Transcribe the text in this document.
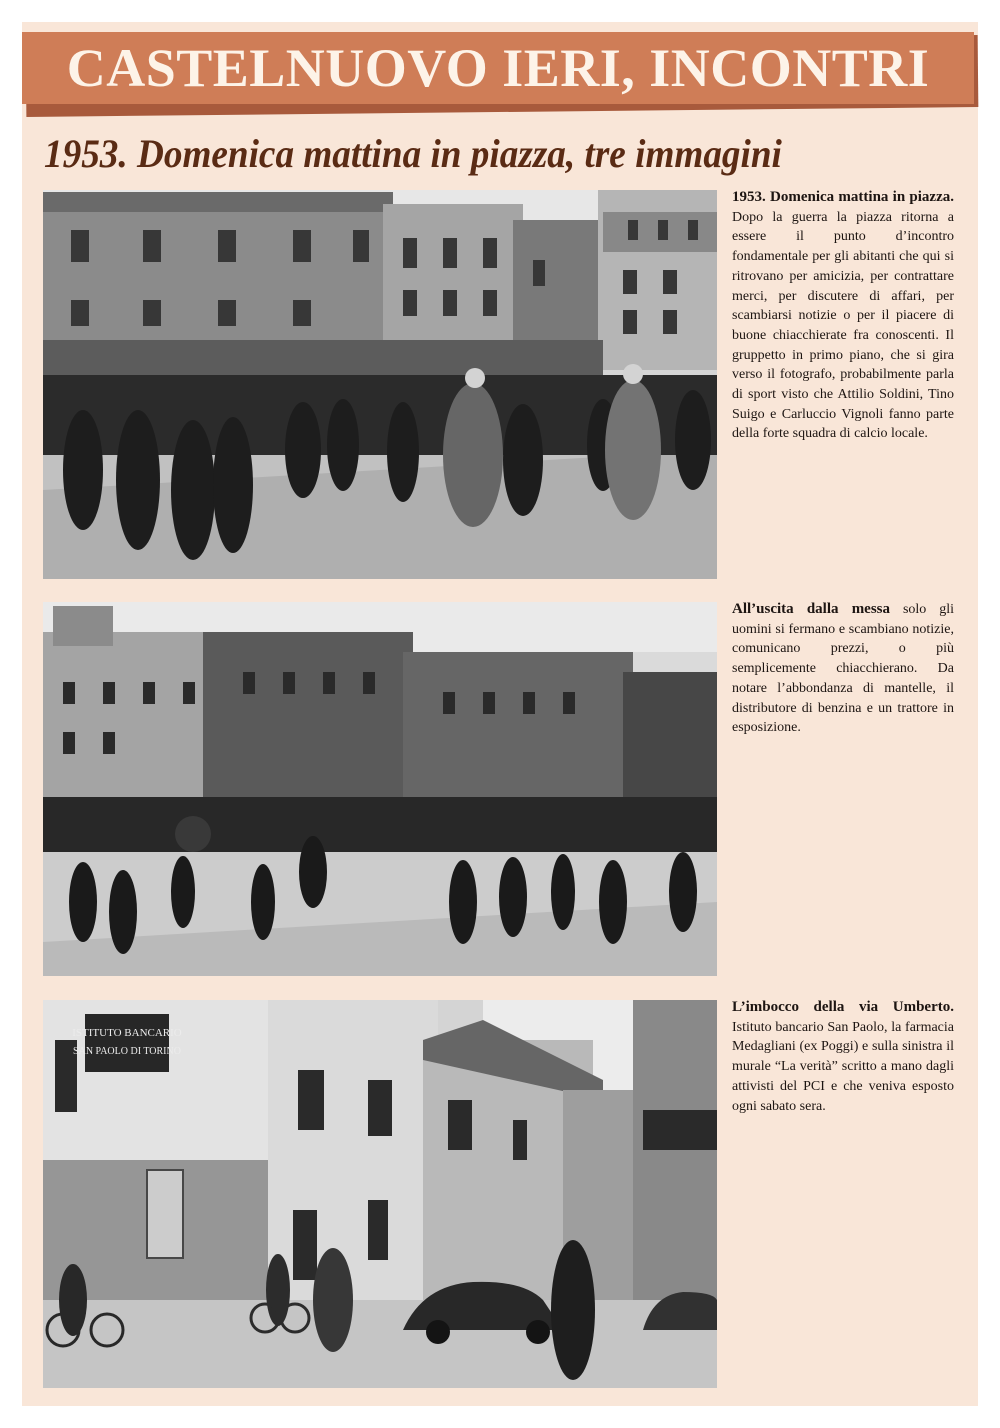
CASTELNUOVO IERI, INCONTRI
1953. Domenica mattina in piazza, tre immagini
1953. Domenica mattina in piazza. Dopo la guerra la piazza ritorna a essere il punto d’incontro fondamentale per gli abitanti che qui si ritrovano per amicizia, per contrattare merci, per discutere di affari, per scambiarsi notizie o per il piacere di buone chiacchierate fra conoscenti. Il gruppetto in primo piano, che si gira verso il fotografo, probabilmente parla di sport visto che Attilio Soldini, Tino Suigo e Carluccio Vignoli fanno parte della forte squadra di calcio locale.
All’uscita dalla messa solo gli uomini si fermano e scambiano notizie, comunicano prezzi, o più semplicemente chiacchierano. Da notare l’abbondanza di mantelle, il distributore di benzina e un trattore in esposizione.
ISTITUTO BANCARIO
SAN PAOLO DI TORINO
L’imbocco della via Umberto. Istituto bancario San Paolo, la farmacia Medagliani (ex Poggi) e sulla sinistra il murale “La verità” scritto a mano dagli attivisti del PCI e che veniva esposto ogni sabato sera.
